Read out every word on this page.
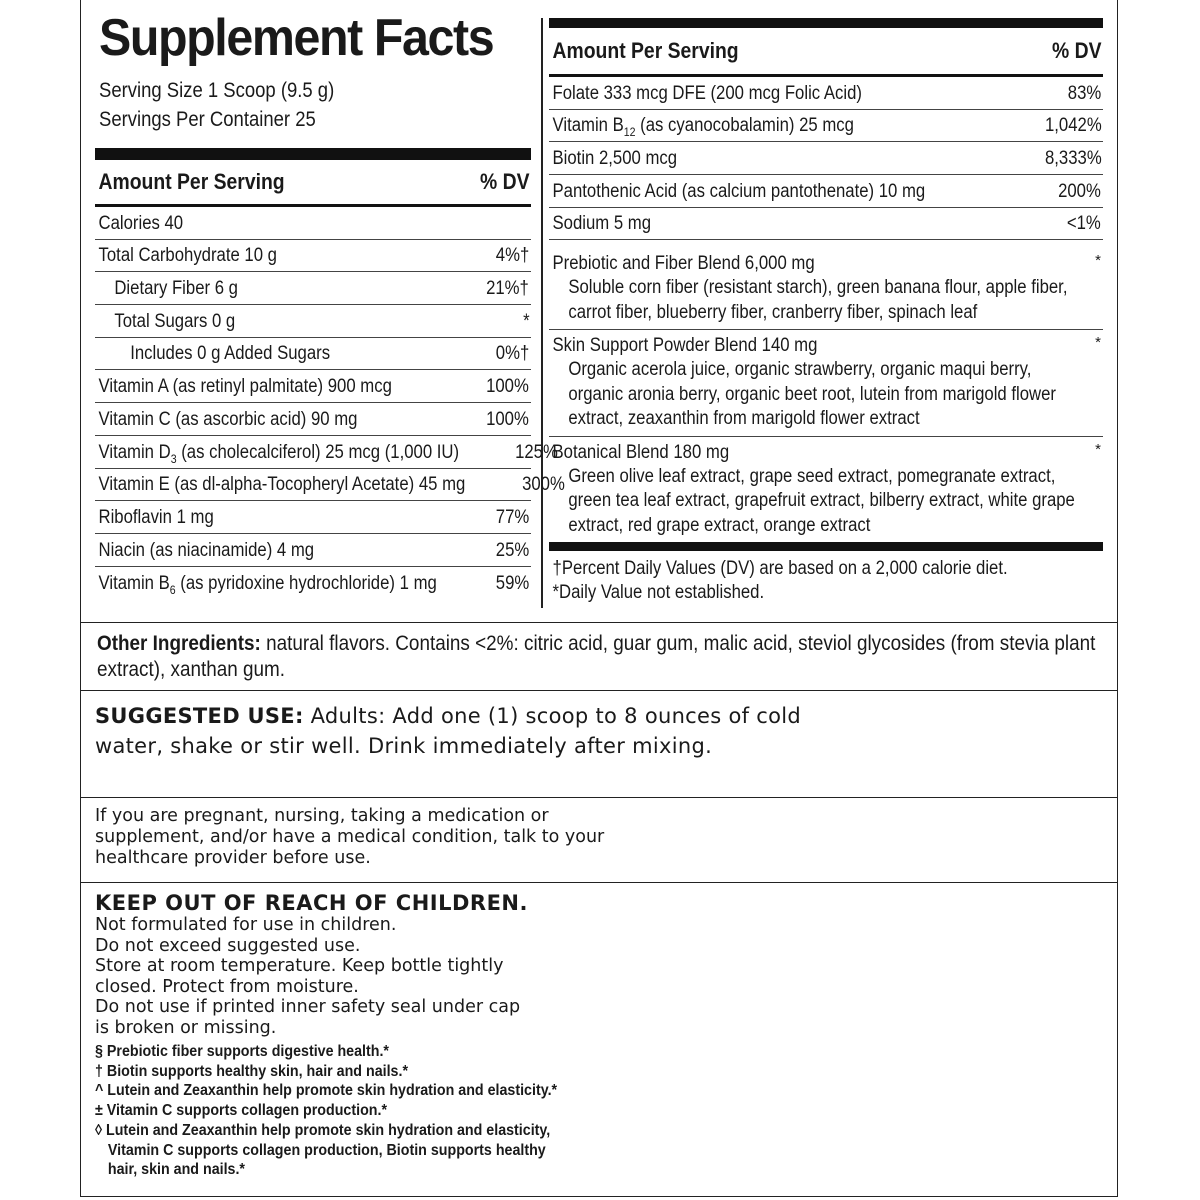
Supplement Facts
Serving Size 1 Scoop (9.5 g)
Servings Per Container 25
Amount Per Serving	% DV
Calories 40
Total Carbohydrate 10 g	4%†
Dietary Fiber 6 g	21%†
Total Sugars 0 g	*
Includes 0 g Added Sugars	0%†
Vitamin A (as retinyl palmitate) 900 mcg	100%
Vitamin C (as ascorbic acid) 90 mg	100%
Vitamin $D_3$ (as cholecalciferol) 25 mcg (1,000 IU)	125%
Vitamin E (as dl-alpha-Tocopheryl Acetate) 45 mg	300%
Riboflavin 1 mg	77%
Niacin (as niacinamide) 4 mg	25%
Vitamin $B_6$ (as pyridoxine hydrochloride) 1 mg	59%
Amount Per Serving	% DV
Folate 333 mcg DFE (200 mcg Folic Acid)	83%
Vitamin $B_{12}$ (as cyanocobalamin) 25 mcg	1,042%
Biotin 2,500 mcg	8,333%
Pantothenic Acid (as calcium pantothenate) 10 mg	200%
Sodium 5 mg	<1%
Prebiotic and Fiber Blend 6,000 mg	*
Soluble corn fiber (resistant starch), green banana flour, apple fiber, carrot fiber, blueberry fiber, cranberry fiber, spinach leaf
Skin Support Powder Blend 140 mg	*
Organic acerola juice, organic strawberry, organic maqui berry, organic aronia berry, organic beet root, lutein from marigold flower extract, zeaxanthin from marigold flower extract
Botanical Blend 180 mg	*
Green olive leaf extract, grape seed extract, pomegranate extract, green tea leaf extract, grapefruit extract, bilberry extract, white grape extract, red grape extract, orange extract
†Percent Daily Values (DV) are based on a 2,000 calorie diet.
*Daily Value not established.
Other Ingredients: natural flavors. Contains <2%: citric acid, guar gum, malic acid, steviol glycosides (from stevia plant extract), xanthan gum.
SUGGESTED USE: Adults: Add one (1) scoop to 8 ounces of cold water, shake or stir well. Drink immediately after mixing.
If you are pregnant, nursing, taking a medication or supplement, and/or have a medical condition, talk to your healthcare provider before use.
KEEP OUT OF REACH OF CHILDREN.
Not formulated for use in children.
Do not exceed suggested use.
Store at room temperature. Keep bottle tightly
closed. Protect from moisture.
Do not use if printed inner safety seal under cap
is broken or missing.
§ Prebiotic fiber supports digestive health.*
† Biotin supports healthy skin, hair and nails.*
^ Lutein and Zeaxanthin help promote skin hydration and elasticity.*
± Vitamin C supports collagen production.*
◊ Lutein and Zeaxanthin help promote skin hydration and elasticity,
Vitamin C supports collagen production, Biotin supports healthy
hair, skin and nails.*
